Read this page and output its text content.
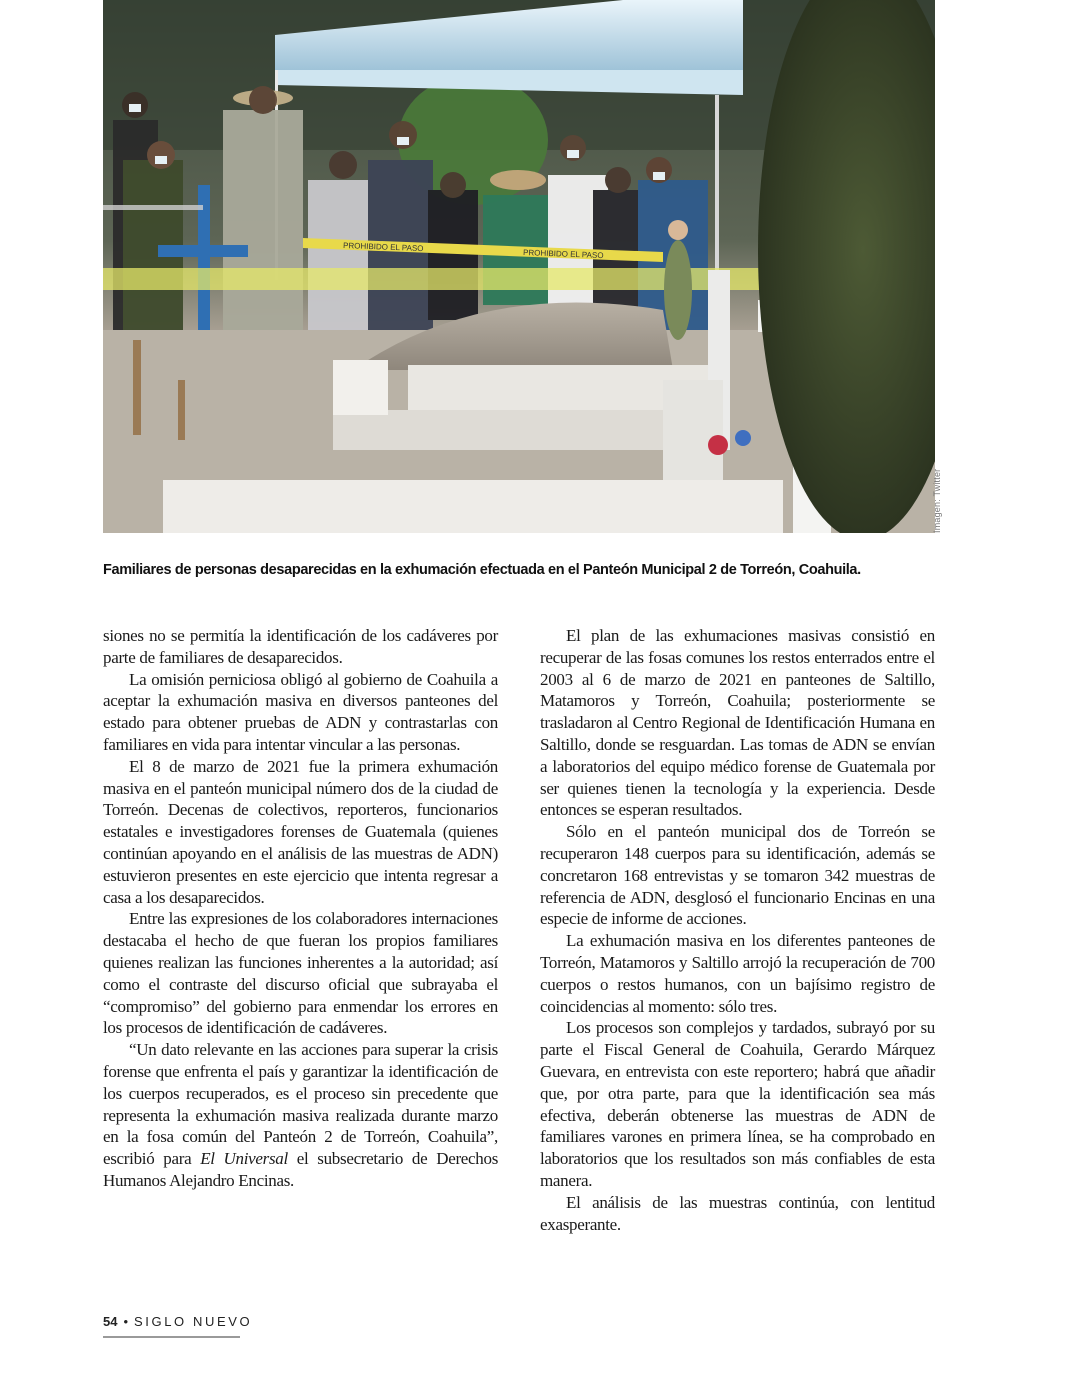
PROHIBIDO EL PASO
PROHIBIDO EL PASO
Imagen: Twitter
Familiares de personas desaparecidas en la exhumación efectuada en el Panteón Municipal 2 de Torreón, Coahuila.

siones no se permitía la identificación de los cadáveres por parte de familiares de desaparecidos.

La omisión perniciosa obligó al gobierno de Coahuila a aceptar la exhumación masiva en diversos panteones del estado para obtener pruebas de ADN y contrastarlas con familiares en vida para intentar vincular a las personas.

El 8 de marzo de 2021 fue la primera exhumación masiva en el panteón municipal número dos de la ciudad de Torreón. Decenas de colectivos, reporteros, funcionarios estatales e investigadores forenses de Guatemala (quienes continúan apoyando en el análisis de las muestras de ADN) estuvieron presentes en este ejercicio que intenta regresar a casa a los desaparecidos.

Entre las expresiones de los colaboradores internaciones destacaba el hecho de que fueran los propios familiares quienes realizan las funciones inherentes a la autoridad; así como el contraste del discurso oficial que subrayaba el “compromiso” del gobierno para enmendar los errores en los procesos de identificación de cadáveres.

“Un dato relevante en las acciones para superar la crisis forense que enfrenta el país y garantizar la identificación de los cuerpos recuperados, es el proceso sin precedente que representa la exhumación masiva realizada durante marzo en la fosa común del Panteón 2 de Torreón, Coahuila”, escribió para El Universal el subsecretario de Derechos Humanos Alejandro Encinas.

El plan de las exhumaciones masivas consistió en recuperar de las fosas comunes los restos enterrados entre el 2003 al 6 de marzo de 2021 en panteones de Saltillo, Matamoros y Torreón, Coahuila; posteriormente se trasladaron al Centro Regional de Identificación Humana en Saltillo, donde se resguardan. Las tomas de ADN se envían a laboratorios del equipo médico forense de Guatemala por ser quienes tienen la tecnología y la experiencia. Desde entonces se esperan resultados.

Sólo en el panteón municipal dos de Torreón se recuperaron 148 cuerpos para su identificación, además se concretaron 168 entrevistas y se tomaron 342 muestras de referencia de ADN, desglosó el funcionario Encinas en una especie de informe de acciones.

La exhumación masiva en los diferentes panteones de Torreón, Matamoros y Saltillo arrojó la recuperación de 700 cuerpos o restos humanos, con un bajísimo registro de coincidencias al momento: sólo tres.

Los procesos son complejos y tardados, subrayó por su parte el Fiscal General de Coahuila, Gerardo Márquez Guevara, en entrevista con este reportero; habrá que añadir que, por otra parte, para que la identificación sea más efectiva, deberán obtenerse las muestras de ADN de familiares varones en primera línea, se ha comprobado en laboratorios que los resultados son más confiables de esta manera.

El análisis de las muestras continúa, con lentitud exasperante.

54 • SIGLO NUEVO
